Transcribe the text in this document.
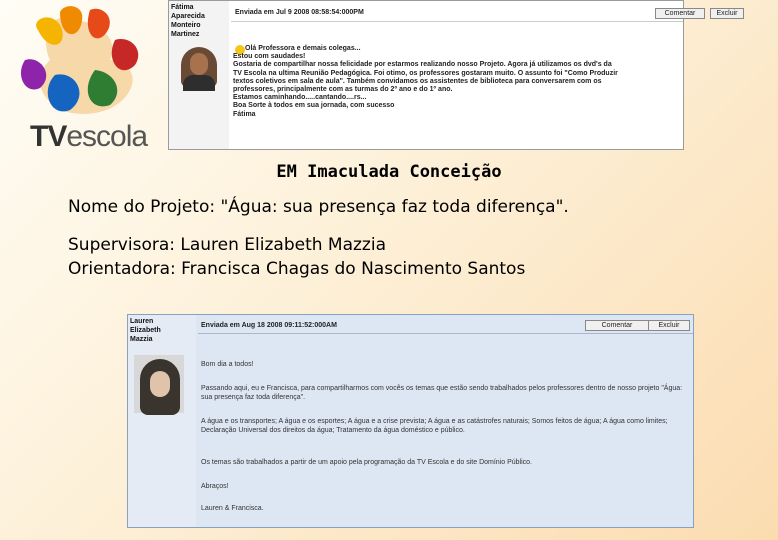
TVescola
Fátima Aparecida Monteiro Martinez
Enviada em Jul 9 2008 08:58:54:000PM	Comentar	Excluir
Olá Professora e demais colegas...
Estou com saudades!
Gostaria de compartilhar nossa felicidade por estarmos realizando nosso Projeto. Agora já utilizamos os dvd's da
TV Escola na ultima Reunião Pedagógica. Foi otimo, os professores gostaram muito. O assunto foi "Como Produzir
textos coletivos em sala de aula". Também convidamos os assistentes de biblioteca para conversarem com os
professores, principalmente com as turmas do 2º ano e do 1º ano.
Estamos caminhando.....cantando....rs...
Boa Sorte à todos em sua jornada, com sucesso
Fátima
EM Imaculada Conceição
Nome do Projeto: "Água: sua presença faz toda diferença".
Supervisora: Lauren Elizabeth Mazzia
Orientadora: Francisca Chagas do Nascimento Santos
Lauren
Elizabeth
Mazzia
Enviada em Aug 18 2008 09:11:52:000AM	Comentar	Excluir
Bom dia a todos!
Passando aqui, eu e Francisca, para compartilharmos com vocês os temas que estão sendo trabalhados pelos professores dentro de nosso projeto "Água: sua presença faz toda diferença".
A água e os transportes; A água e os esportes; A água e a crise prevista; A água e as catástrofes naturais; Somos feitos de água; A água como limites; Declaração Universal dos direitos da água; Tratamento da água doméstico e público.
Os temas são trabalhados a partir de um apoio pela programação da TV Escola e do site Domínio Público.
Abraços!
Lauren & Francisca.
